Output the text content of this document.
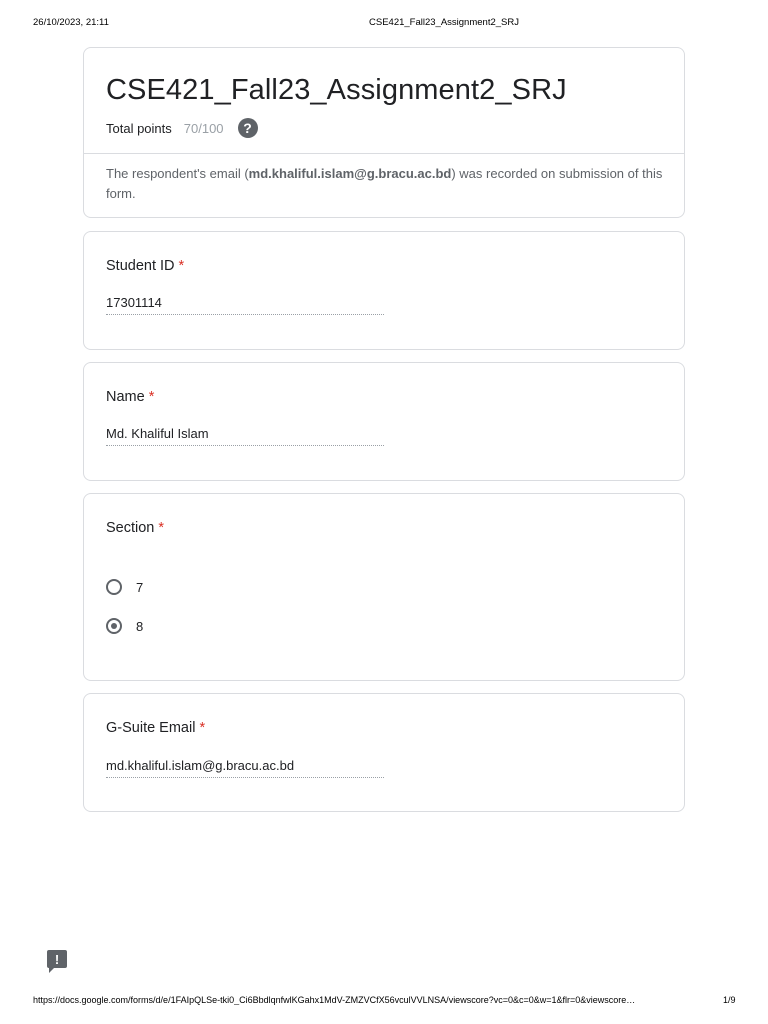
26/10/2023, 21:11	CSE421_Fall23_Assignment2_SRJ
CSE421_Fall23_Assignment2_SRJ
Total points 70/100	?
The respondent's email (md.khaliful.islam@g.bracu.ac.bd) was recorded on submission of this form.
Student ID *
17301114
Name *
Md. Khaliful Islam
Section *
7
8
G-Suite Email *
md.khaliful.islam@g.bracu.ac.bd
!
https://docs.google.com/forms/d/e/1FAIpQLSe-tki0_Ci6BbdlqnfwlKGahx1MdV-ZMZVCfX56vculVVLNSA/viewscore?vc=0&c=0&w=1&flr=0&viewscore…	1/9
